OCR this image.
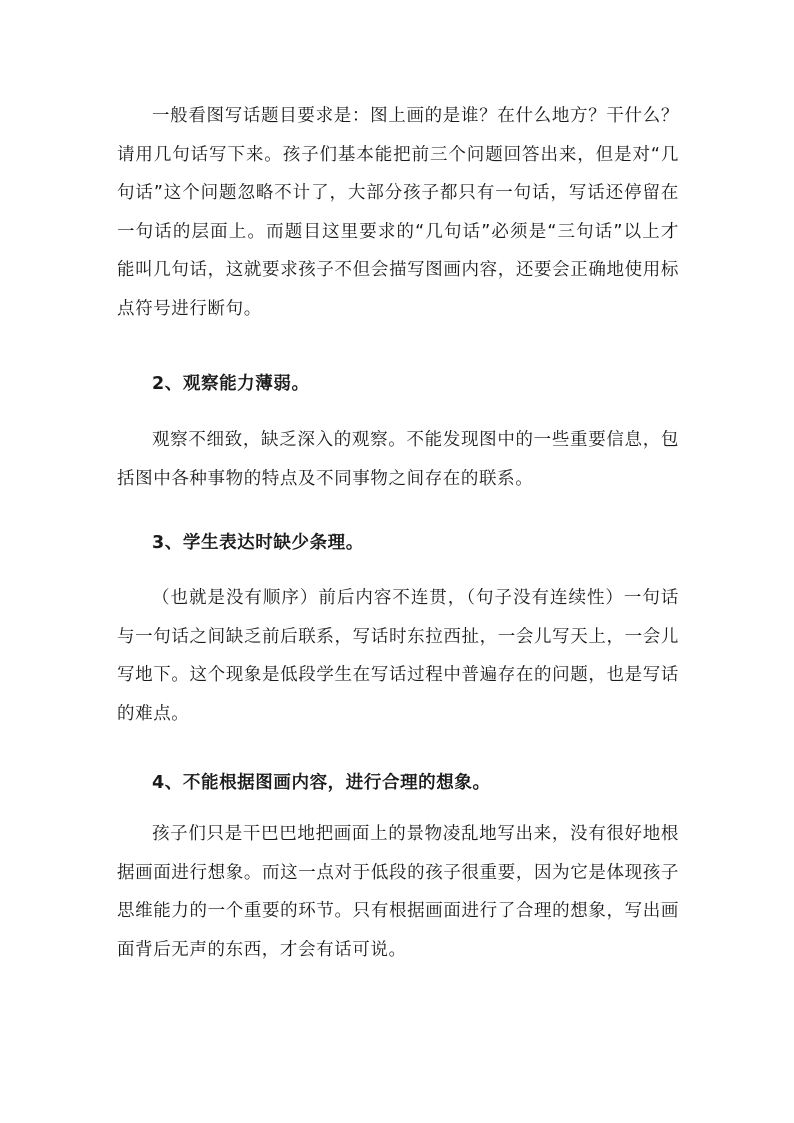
一般看图写话题目要求是：图上画的是谁？在什么地方？干什么？请用几句话写下来。孩子们基本能把前三个问题回答出来，但是对“几句话”这个问题忽略不计了，大部分孩子都只有一句话，写话还停留在一句话的层面上。而题目这里要求的“几句话”必须是“三句话”以上才能叫几句话，这就要求孩子不但会描写图画内容，还要会正确地使用标点符号进行断句。

2、观察能力薄弱。

观察不细致，缺乏深入的观察。不能发现图中的一些重要信息，包括图中各种事物的特点及不同事物之间存在的联系。

3、学生表达时缺少条理。

（也就是没有顺序）前后内容不连贯，（句子没有连续性）一句话与一句话之间缺乏前后联系，写话时东拉西扯，一会儿写天上，一会儿写地下。这个现象是低段学生在写话过程中普遍存在的问题，也是写话的难点。

4、不能根据图画内容，进行合理的想象。

孩子们只是干巴巴地把画面上的景物凌乱地写出来，没有很好地根据画面进行想象。而这一点对于低段的孩子很重要，因为它是体现孩子思维能力的一个重要的环节。只有根据画面进行了合理的想象，写出画面背后无声的东西，才会有话可说。
